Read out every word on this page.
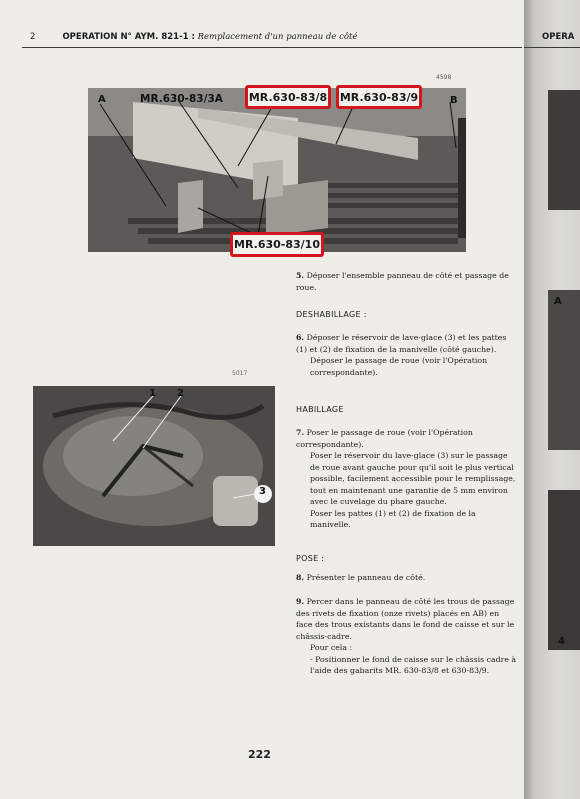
2	OPERATION N° AYM. 821-1 : Remplacement d'un panneau de côté
4598
A	B
MR.630-83/3A	MR.630-83/8	MR.630-83/9
MR.630-83/10
5017
1 2
3
5. Déposer l'ensemble panneau de côté et passage de roue.
DESHABILLAGE :
6. Déposer le réservoir de lave-glace (3) et les pattes (1) et (2) de fixation de la manivelle (côté gauche).
Déposer le passage de roue (voir l'Opération correspondante).
HABILLAGE
7. Poser le passage de roue (voir l'Opération correspondante).
Poser le réservoir du lave-glace (3) sur le passage de roue avant gauche pour qu'il soit le plus vertical possible, facilement accessible pour le remplissage, tout en maintenant une garantie de 5 mm environ avec le cuvelage du phare gauche.
Poser les pattes (1) et (2) de fixation de la manivelle.
POSE :
8. Présenter le panneau de côté.
9. Percer dans le panneau de côté les trous de passage des rivets de fixation (onze rivets) placés en AB) en face des trous existants dans le fond de caisse et sur le châssis-cadre.
Pour cela :
- Positionner le fond de caisse sur le châssis cadre à l'aide des gabarits MR. 630-83/8 et 630-83/9.
222
OPERA
A
4
